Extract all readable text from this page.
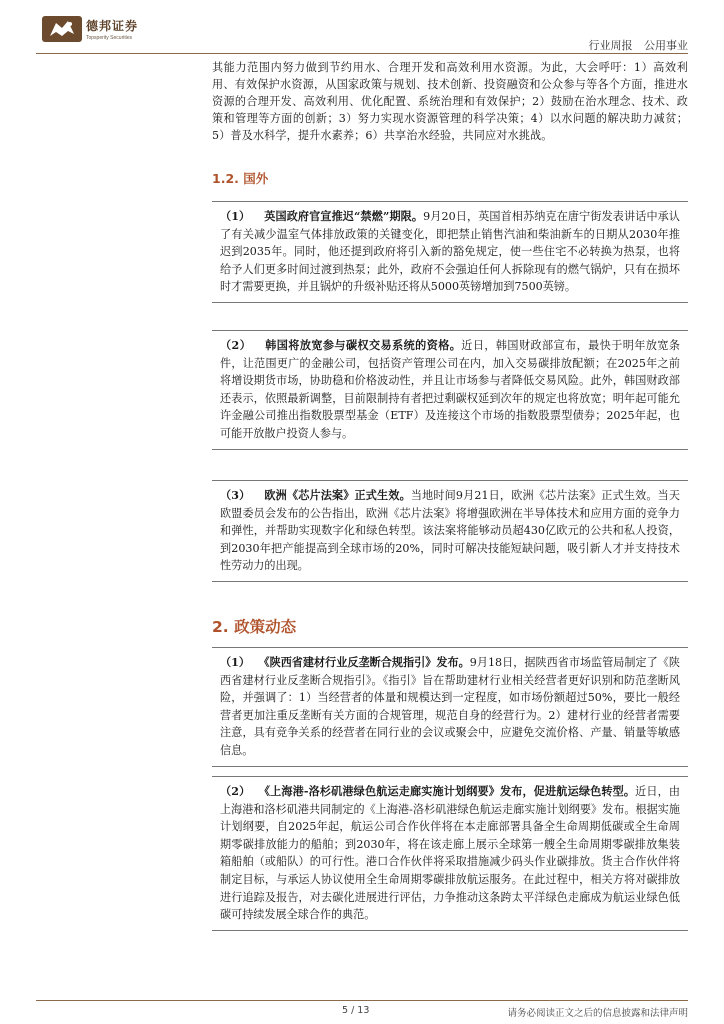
德邦证券
Topsperity Securities
行业周报 公用事业

其能力范围内努力做到节约用水、合理开发和高效利用水资源。为此，大会呼吁：1）高效利用、有效保护水资源，从国家政策与规划、技术创新、投资融资和公众参与等各个方面，推进水资源的合理开发、高效利用、优化配置、系统治理和有效保护；2）鼓励在治水理念、技术、政策和管理等方面的创新；3）努力实现水资源管理的科学决策；4）以水问题的解决助力减贫；5）普及水科学，提升水素养；6）共享治水经验，共同应对水挑战。

1.2. 国外
（1） 英国政府官宣推迟“禁燃”期限。9月20日，英国首相苏纳克在唐宁街发表讲话中承认了有关减少温室气体排放政策的关键变化，即把禁止销售汽油和柴油新车的日期从2030年推迟到2035年。同时，他还提到政府将引入新的豁免规定，使一些住宅不必转换为热泵，也将给予人们更多时间过渡到热泵；此外，政府不会强迫任何人拆除现有的燃气锅炉，只有在损坏时才需要更换，并且锅炉的升级补贴还将从5000英镑增加到7500英镑。
（2） 韩国将放宽参与碳权交易系统的资格。近日，韩国财政部宣布，最快于明年放宽条件，让范围更广的金融公司，包括资产管理公司在内，加入交易碳排放配额；在2025年之前将增设期货市场，协助稳和价格波动性，并且让市场参与者降低交易风险。此外，韩国财政部还表示，依照最新调整，目前限制持有者把过剩碳权延到次年的规定也将放宽；明年起可能允许金融公司推出指数股票型基金（ETF）及连接这个市场的指数股票型债券；2025年起，也可能开放散户投资人参与。
（3） 欧洲《芯片法案》正式生效。当地时间9月21日，欧洲《芯片法案》正式生效。当天欧盟委员会发布的公告指出，欧洲《芯片法案》将增强欧洲在半导体技术和应用方面的竞争力和弹性，并帮助实现数字化和绿色转型。该法案将能够动员超430亿欧元的公共和私人投资，到2030年把产能提高到全球市场的20%，同时可解决技能短缺问题，吸引新人才并支持技术性劳动力的出现。
2. 政策动态
（1） 《陕西省建材行业反垄断合规指引》发布。9月18日，据陕西省市场监管局制定了《陕西省建材行业反垄断合规指引》。《指引》旨在帮助建材行业相关经营者更好识别和防范垄断风险，并强调了：1）当经营者的体量和规模达到一定程度，如市场份额超过50%，要比一般经营者更加注重反垄断有关方面的合规管理，规范自身的经营行为。2）建材行业的经营者需要注意，具有竞争关系的经营者在同行业的会议或聚会中，应避免交流价格、产量、销量等敏感信息。
（2） 《上海港-洛杉矶港绿色航运走廊实施计划纲要》发布，促进航运绿色转型。近日，由上海港和洛杉矶港共同制定的《上海港-洛杉矶港绿色航运走廊实施计划纲要》发布。根据实施计划纲要，自2025年起，航运公司合作伙伴将在本走廊部署具备全生命周期低碳或全生命周期零碳排放能力的船舶；到2030年，将在该走廊上展示全球第一艘全生命周期零碳排放集装箱船舶（或船队）的可行性。港口合作伙伴将采取措施减少码头作业碳排放。货主合作伙伴将制定目标，与承运人协议使用全生命周期零碳排放航运服务。在此过程中，相关方将对碳排放进行追踪及报告，对去碳化进展进行评估，力争推动这条跨太平洋绿色走廊成为航运业绿色低碳可持续发展全球合作的典范。
5 / 13	请务必阅读正文之后的信息披露和法律声明
